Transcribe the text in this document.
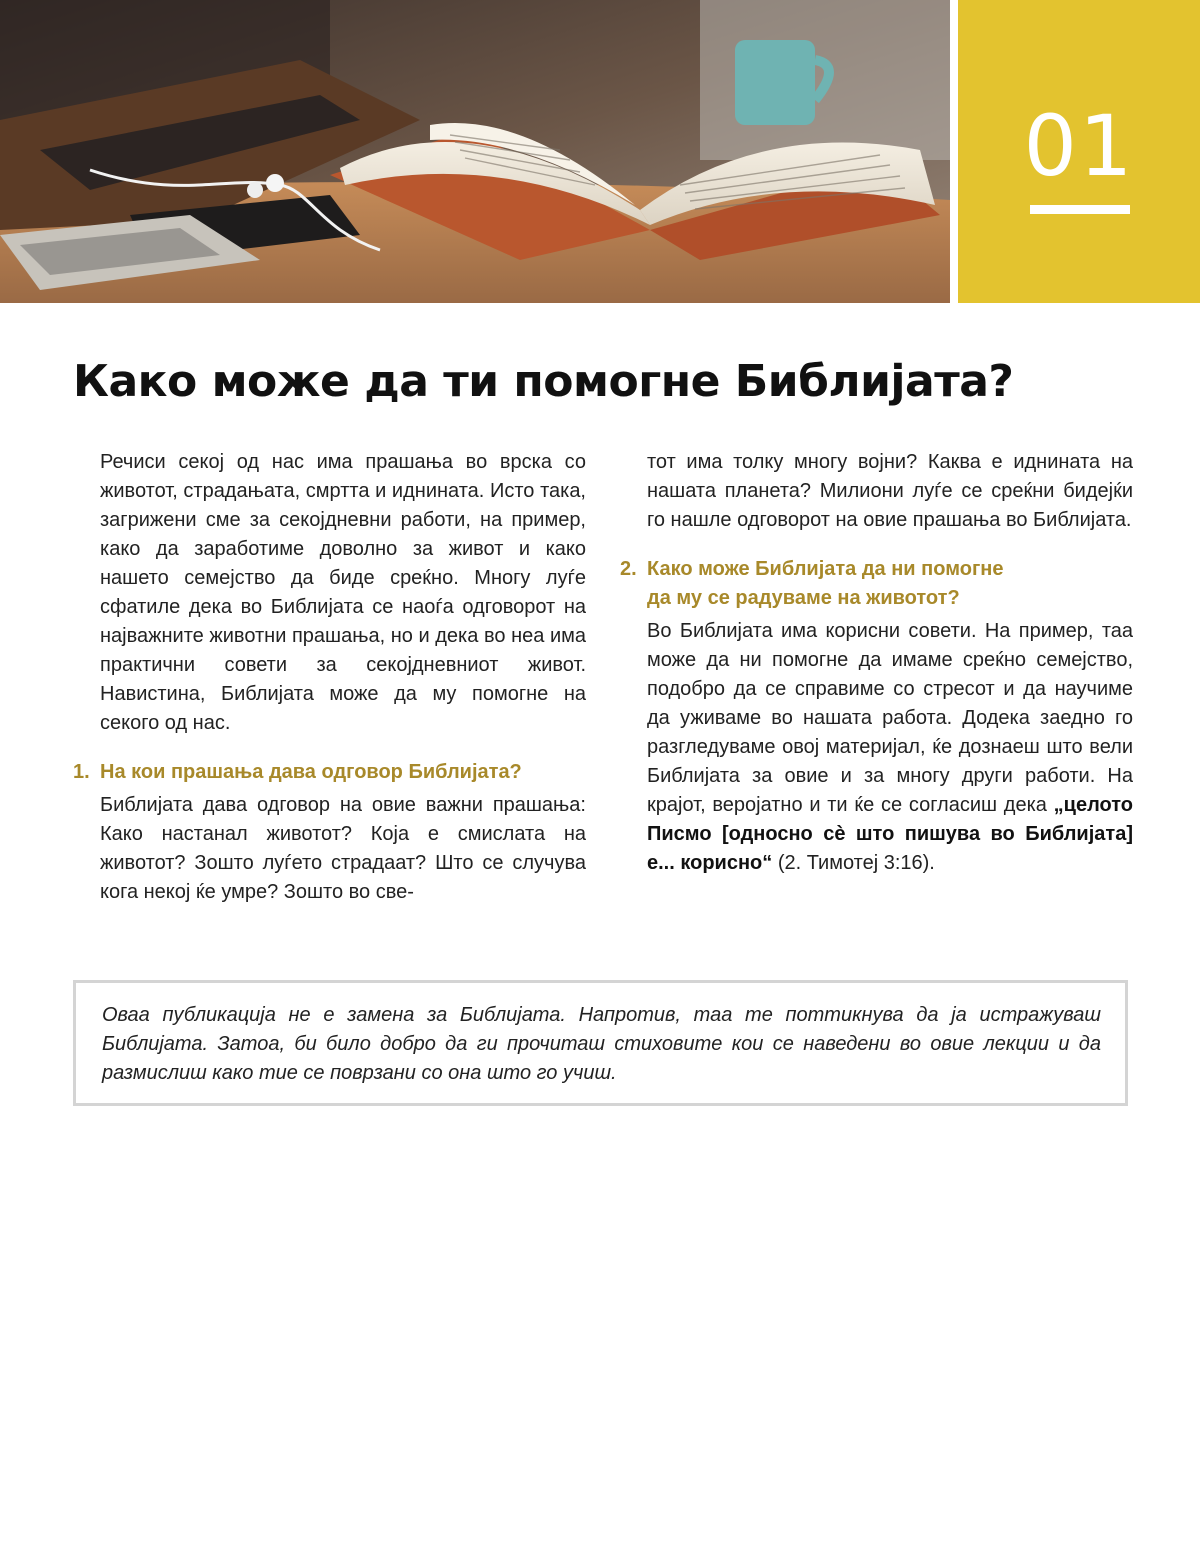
01
Како може да ти помогне Библијата?

Речиси секој од нас има прашања во врска со животот, страдањата, смртта и иднината. Исто така, загрижени сме за секојдневни работи, на пример, како да заработиме доволно за живот и како нашето семејство да биде среќно. Многу луѓе сфатиле дека во Библијата се наоѓа одговорот на најважните животни прашања, но и дека во неа има практични совети за секојдневниот живот. Навистина, Библијата може да му помогне на секого од нас.

1. На кои прашања дава одговор Библијата?

Библијата дава одговор на овие важни прашања: Како настанал животот? Која е смислата на животот? Зошто луѓето страдаат? Што се случува кога некој ќе умре? Зошто во све-

тот има толку многу војни? Каква е иднината на нашата планета? Милиони луѓе се среќни бидејќи го нашле одговорот на овие прашања во Библијата.

2. Како може Библијата да ни помогне
да му се радуваме на животот?

Во Библијата има корисни совети. На пример, таа може да ни помогне да имаме среќно семејство, подобро да се справиме со стресот и да научиме да уживаме во нашата работа. Додека заедно го разгледуваме овој материјал, ќе дознаеш што вели Библијата за овие и за многу други работи. На крајот, веројатно и ти ќе се согласиш дека „целото Писмо [односно сè што пишува во Библијата] е... корисно“ (2. Тимотеј 3:16).

Оваа публикација не е замена за Библијата. Напротив, таа те поттикнува да ја истражуваш Библијата. Затоа, би било добро да ги прочиташ стиховите кои се наведени во овие лекции и да размислиш како тие се поврзани со она што го учиш.
